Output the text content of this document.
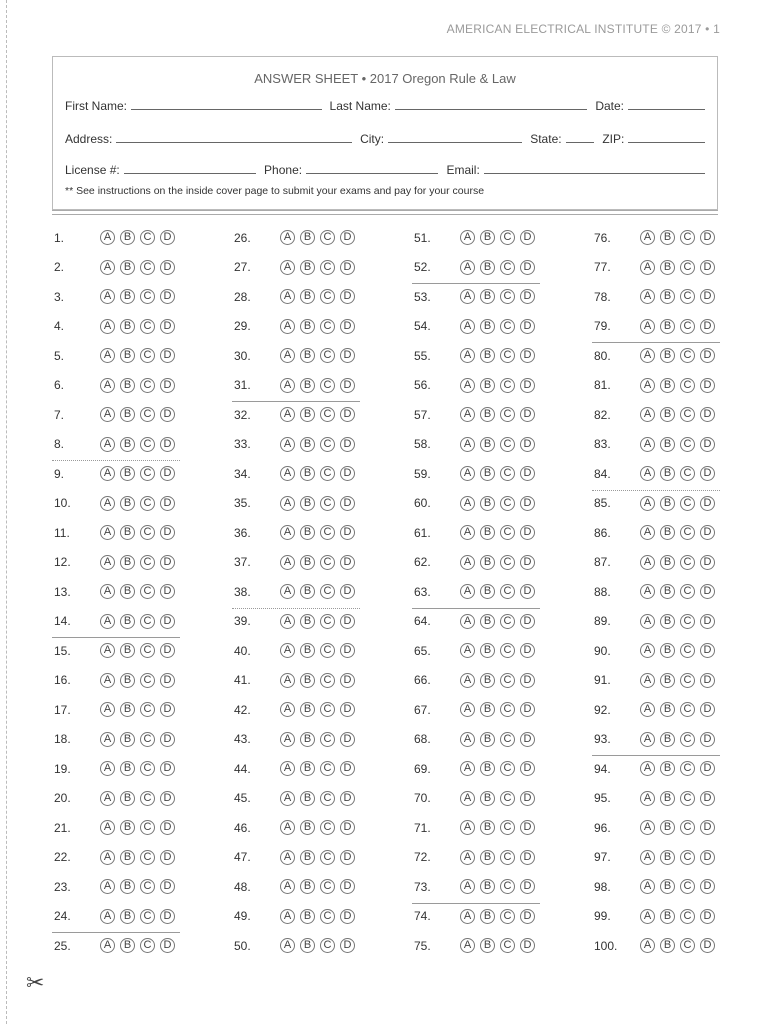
✂
AMERICAN ELECTRICAL INSTITUTE © 2017 • 1
ANSWER SHEET • 2017 Oregon Rule & Law
First Name:	Last Name:	Date:
Address:	City:	State:	ZIP:
License #:	Phone:	Email:
** See instructions on the inside cover page to submit your exams and pay for your course
1.	A	B	C	D
2.	A	B	C	D
3.	A	B	C	D
4.	A	B	C	D
5.	A	B	C	D
6.	A	B	C	D
7.	A	B	C	D
8.	A	B	C	D
9.	A	B	C	D
10.	A	B	C	D
11.	A	B	C	D
12.	A	B	C	D
13.	A	B	C	D
14.	A	B	C	D
15.	A	B	C	D
16.	A	B	C	D
17.	A	B	C	D
18.	A	B	C	D
19.	A	B	C	D
20.	A	B	C	D
21.	A	B	C	D
22.	A	B	C	D
23.	A	B	C	D
24.	A	B	C	D
25.	A	B	C	D
26.	A	B	C	D
27.	A	B	C	D
28.	A	B	C	D
29.	A	B	C	D
30.	A	B	C	D
31.	A	B	C	D
32.	A	B	C	D
33.	A	B	C	D
34.	A	B	C	D
35.	A	B	C	D
36.	A	B	C	D
37.	A	B	C	D
38.	A	B	C	D
39.	A	B	C	D
40.	A	B	C	D
41.	A	B	C	D
42.	A	B	C	D
43.	A	B	C	D
44.	A	B	C	D
45.	A	B	C	D
46.	A	B	C	D
47.	A	B	C	D
48.	A	B	C	D
49.	A	B	C	D
50.	A	B	C	D
51.	A	B	C	D
52.	A	B	C	D
53.	A	B	C	D
54.	A	B	C	D
55.	A	B	C	D
56.	A	B	C	D
57.	A	B	C	D
58.	A	B	C	D
59.	A	B	C	D
60.	A	B	C	D
61.	A	B	C	D
62.	A	B	C	D
63.	A	B	C	D
64.	A	B	C	D
65.	A	B	C	D
66.	A	B	C	D
67.	A	B	C	D
68.	A	B	C	D
69.	A	B	C	D
70.	A	B	C	D
71.	A	B	C	D
72.	A	B	C	D
73.	A	B	C	D
74.	A	B	C	D
75.	A	B	C	D
76.	A	B	C	D
77.	A	B	C	D
78.	A	B	C	D
79.	A	B	C	D
80.	A	B	C	D
81.	A	B	C	D
82.	A	B	C	D
83.	A	B	C	D
84.	A	B	C	D
85.	A	B	C	D
86.	A	B	C	D
87.	A	B	C	D
88.	A	B	C	D
89.	A	B	C	D
90.	A	B	C	D
91.	A	B	C	D
92.	A	B	C	D
93.	A	B	C	D
94.	A	B	C	D
95.	A	B	C	D
96.	A	B	C	D
97.	A	B	C	D
98.	A	B	C	D
99.	A	B	C	D
100.	A	B	C	D
